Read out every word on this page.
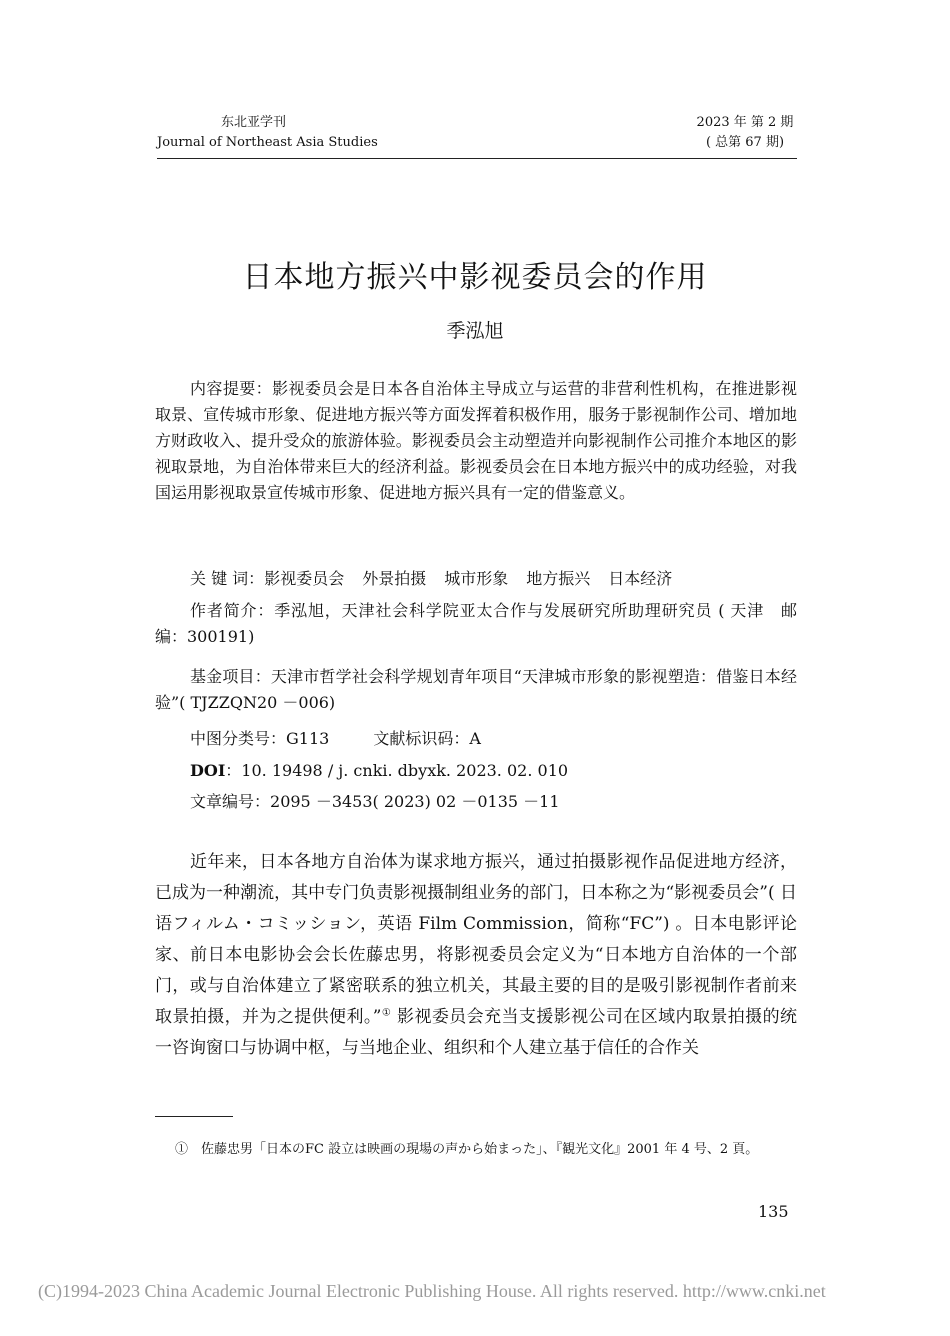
东北亚学刊
Journal of Northeast Asia Studies
2023 年 第 2 期
( 总第 67 期)
日本地方振兴中影视委员会的作用
季泓旭
内容提要：影视委员会是日本各自治体主导成立与运营的非营利性机构，在推进影视取景、宣传城市形象、促进地方振兴等方面发挥着积极作用，服务于影视制作公司、增加地方财政收入、提升受众的旅游体验。影视委员会主动塑造并向影视制作公司推介本地区的影视取景地，为自治体带来巨大的经济利益。影视委员会在日本地方振兴中的成功经验，对我国运用影视取景宣传城市形象、促进地方振兴具有一定的借鉴意义。
关 键 词：影视委员会 外景拍摄 城市形象 地方振兴 日本经济
作者简介：季泓旭，天津社会科学院亚太合作与发展研究所助理研究员 ( 天津　邮编：300191)
基金项目：天津市哲学社会科学规划青年项目“天津城市形象的影视塑造：借鉴日本经验”( TJZZQN20 －006)
中图分类号：G113	文献标识码：A
DOI：10. 19498 / j. cnki. dbyxk. 2023. 02. 010
文章编号：2095 －3453( 2023) 02 －0135 －11
近年来，日本各地方自治体为谋求地方振兴，通过拍摄影视作品促进地方经济，已成为一种潮流，其中专门负责影视摄制组业务的部门，日本称之为“影视委员会”( 日语フィルム・コミッション，英语 Film Commission，简称“FC”) 。日本电影评论家、前日本电影协会会长佐藤忠男，将影视委员会定义为“日本地方自治体的一个部门，或与自治体建立了紧密联系的独立机关，其最主要的目的是吸引影视制作者前来取景拍摄，并为之提供便利。”① 影视委员会充当支援影视公司在区域内取景拍摄的统一咨询窗口与协调中枢，与当地企业、组织和个人建立基于信任的合作关
①　佐藤忠男「日本のFC 設立は映画の現場の声から始まった」、『観光文化』2001 年 4 号、2 頁。
135
(C)1994-2023 China Academic Journal Electronic Publishing House. All rights reserved. http://www.cnki.net
